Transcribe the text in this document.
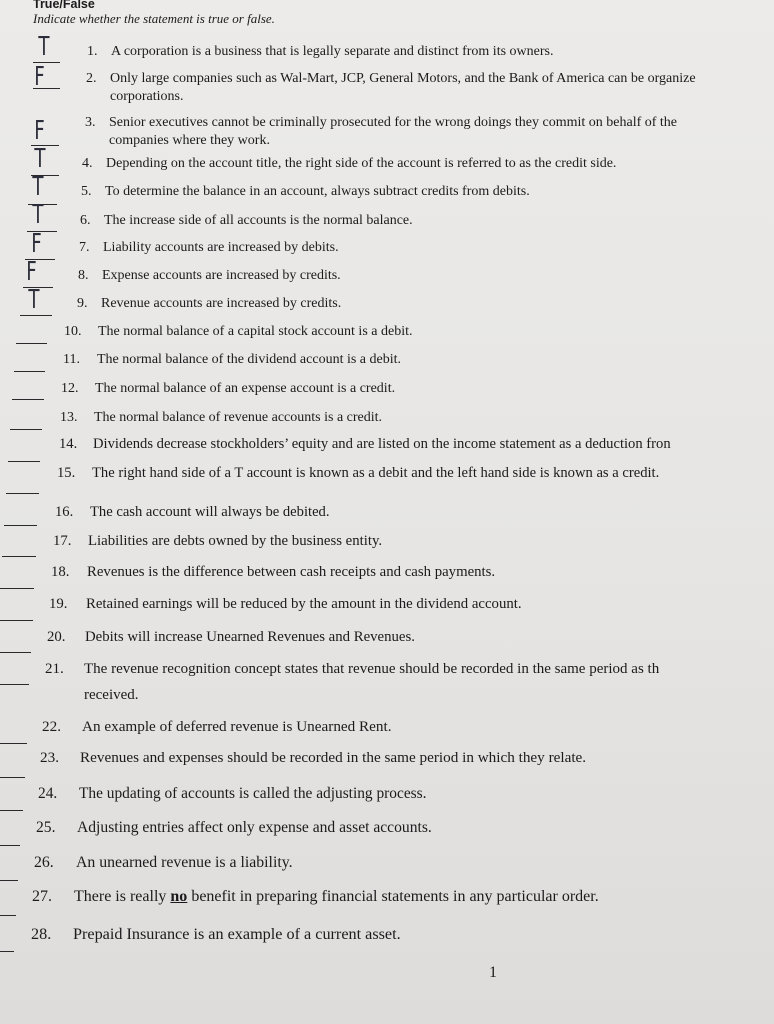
True/False
Indicate whether the statement is true or false.
T	1. A corporation is a business that is legally separate and distinct from its owners.
F	2. Only large companies such as Wal-Mart, JCP, General Motors, and the Bank of America can be organize
corporations.
F	3. Senior executives cannot be criminally prosecuted for the wrong doings they commit on behalf of the
companies where they work.
T	4. Depending on the account title, the right side of the account is referred to as the credit side.
T	5. To determine the balance in an account, always subtract credits from debits.
T	6. The increase side of all accounts is the normal balance.
F	7. Liability accounts are increased by debits.
F	8. Expense accounts are increased by credits.
T	9. Revenue accounts are increased by credits.
10. The normal balance of a capital stock account is a debit.
11. The normal balance of the dividend account is a debit.
12. The normal balance of an expense account is a credit.
13. The normal balance of revenue accounts is a credit.
14. Dividends decrease stockholders’ equity and are listed on the income statement as a deduction fron
15. The right hand side of a T account is known as a debit and the left hand side is known as a credit.
16. The cash account will always be debited.
17. Liabilities are debts owned by the business entity.
18. Revenues is the difference between cash receipts and cash payments.
19. Retained earnings will be reduced by the amount in the dividend account.
20. Debits will increase Unearned Revenues and Revenues.
21. The revenue recognition concept states that revenue should be recorded in the same period as th
received.
22. An example of deferred revenue is Unearned Rent.
23. Revenues and expenses should be recorded in the same period in which they relate.
24. The updating of accounts is called the adjusting process.
25. Adjusting entries affect only expense and asset accounts.
26. An unearned revenue is a liability.
27. There is really no benefit in preparing financial statements in any particular order.
28. Prepaid Insurance is an example of a current asset.
1
